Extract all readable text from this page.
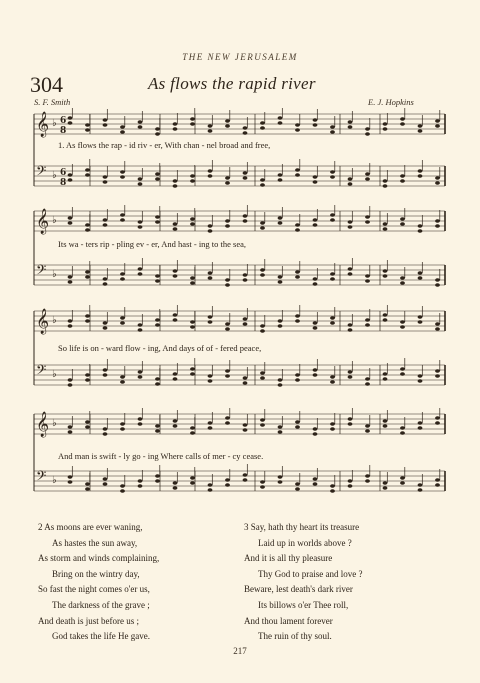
THE NEW JERUSALEM
304	As flows the rapid river
S. F. Smith	E. J. Hopkins
𝄞 ♭ 6
8
𝄢 ♭ 6
8
1. As flows the rap - id riv - er, With chan - nel broad and free,
𝄞 ♭
𝄢 ♭
Its wa - ters rip - pling ev - er, And hast - ing to the sea,
𝄞 ♭
𝄢 ♭
So life is on - ward flow - ing, And days of of - fered peace,
𝄞 ♭
𝄢 ♭
And man is swift - ly go - ing Where calls of mer - cy cease.
2 As moons are ever waning,
As hastes the sun away,
As storm and winds complaining,
Bring on the wintry day,
So fast the night comes o'er us,
The darkness of the grave ;
And death is just before us ;
God takes the life He gave.
3 Say, hath thy heart its treasure
Laid up in worlds above ?
And it is all thy pleasure
Thy God to praise and love ?
Beware, lest death's dark river
Its billows o'er Thee roll,
And thou lament forever
The ruin of thy soul.
217
